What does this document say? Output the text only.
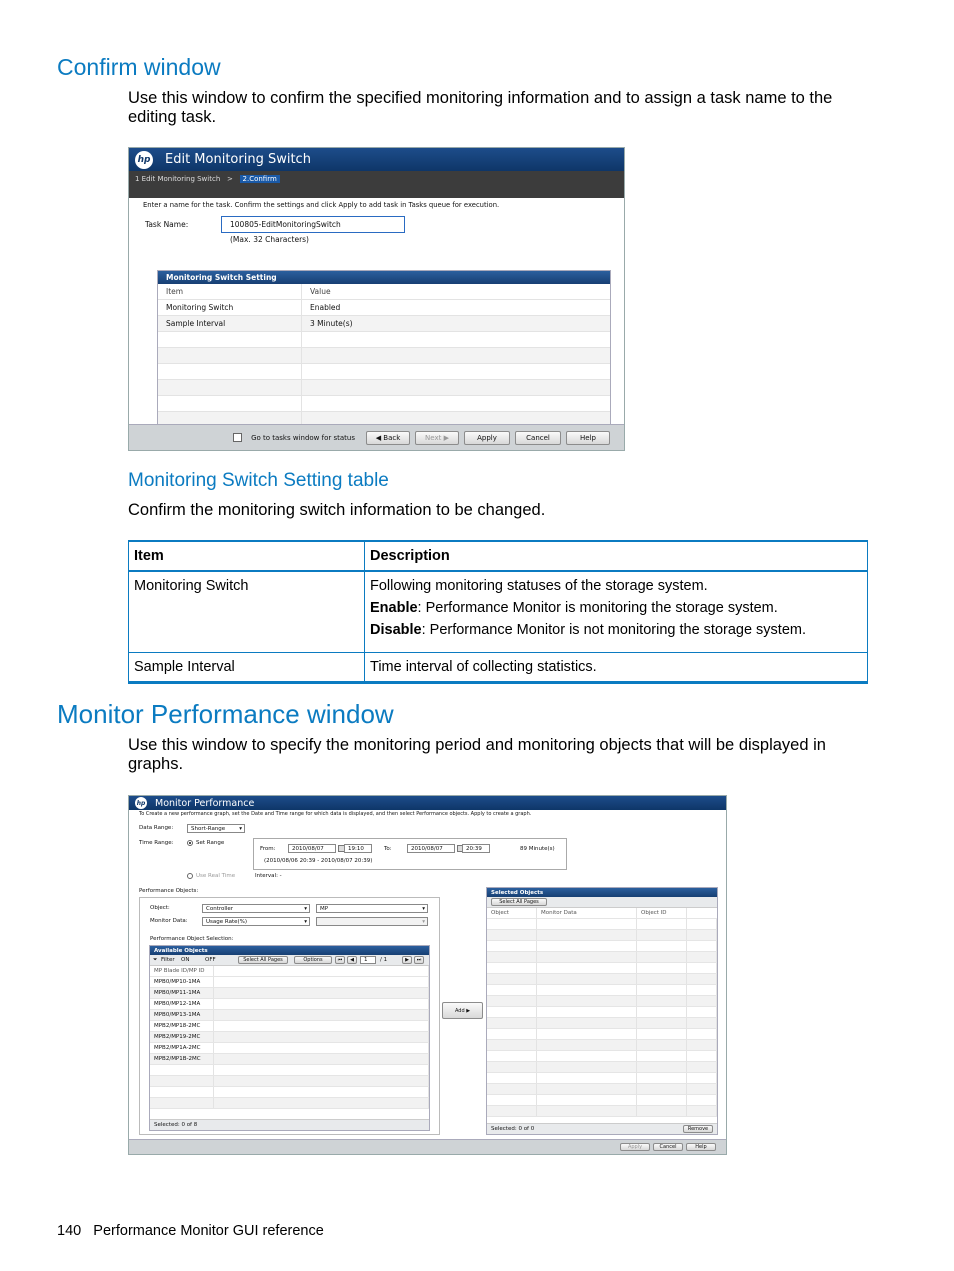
Confirm window
Use this window to confirm the specified monitoring information and to assign a task name to the editing task.
hp Edit Monitoring Switch
1 Edit Monitoring Switch > 2.Confirm
Enter a name for the task. Confirm the settings and click Apply to add task in Tasks queue for execution.
Task Name:	100805-EditMonitoringSwitch
(Max. 32 Characters)
Monitoring Switch Setting
Item	Value
Monitoring Switch	Enabled
Sample Interval	3 Minute(s)
Go to tasks window for status	◀ Back	Next ▶	Apply	Cancel	Help
Monitoring Switch Setting table
Confirm the monitoring switch information to be changed.
Item	Description
Monitoring Switch	Following monitoring statuses of the storage system.
Enable: Performance Monitor is monitoring the storage system.
Disable: Performance Monitor is not monitoring the storage system.

Sample Interval	Time interval of collecting statistics.
Monitor Performance window
Use this window to specify the monitoring period and monitoring objects that will be displayed in graphs.
hp Monitor Performance
To Create a new performance graph, set the Date and Time range for which data is displayed, and then select Performance objects. Apply to create a graph.
Data Range:	Short-Range	▾
Time Range:	Set Range
From:	2010/08/07	19:10	To:	2010/08/07	20:39	89 Minute(s)
(2010/08/06 20:39 - 2010/08/07 20:39)
Use Real Time	Interval: -
Performance Objects:
Object:	Controller	▾	MP	▾
Monitor Data:	Usage Rate(%)	▾	▾
Performance Object Selection:
Available Objects
⏷ Filter ON	OFF	Select All Pages	Options	⏮	◀	1	/ 1	▶	⏭
MP Blade ID/MP ID
MPB0/MP10-1MA
MPB0/MP11-1MA
MPB0/MP12-1MA
MPB0/MP13-1MA
MPB2/MP18-2MC
MPB2/MP19-2MC
MPB2/MP1A-2MC
MPB2/MP1B-2MC
Selected: 0 of 8
Add ▶
Selected Objects
Select All Pages
Object	Monitor Data	Object ID
Selected: 0 of 0	Remove
Apply	Cancel	Help
140 Performance Monitor GUI reference
